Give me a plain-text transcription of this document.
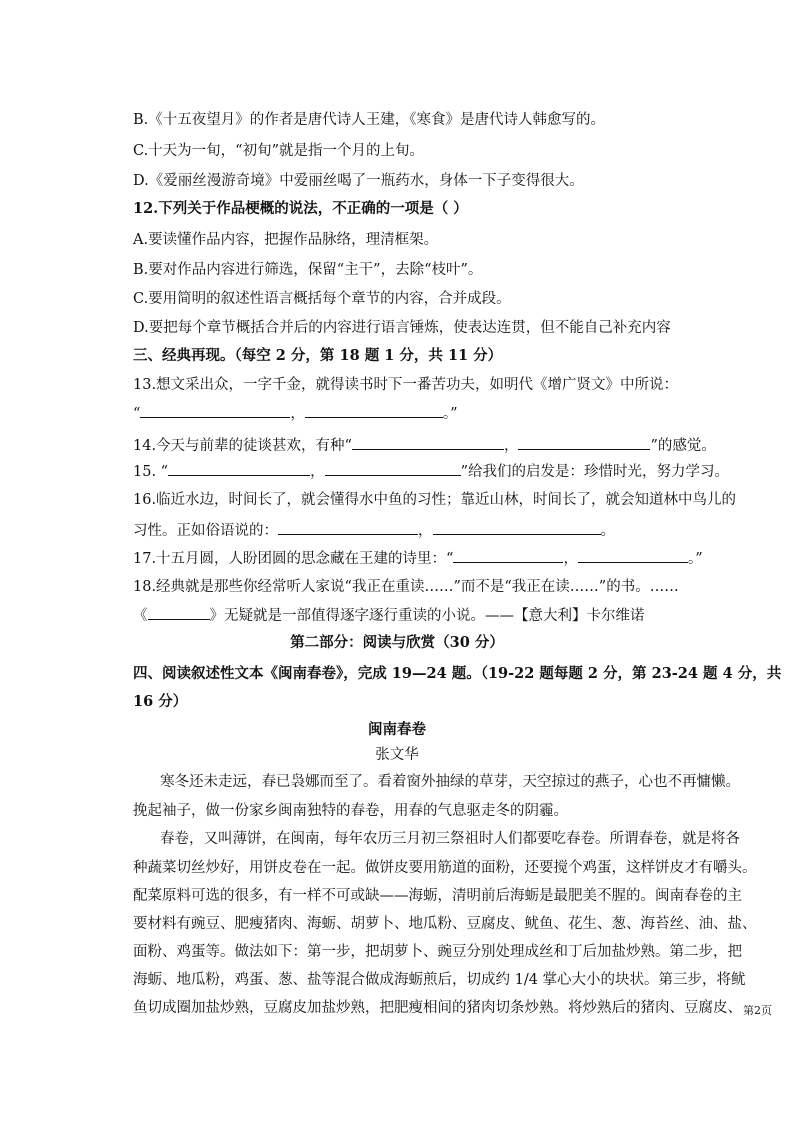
B.《十五夜望月》的作者是唐代诗人王建，《寒食》是唐代诗人韩愈写的。
C.十天为一旬，“初旬”就是指一个月的上旬。
D.《爱丽丝漫游奇境》中爱丽丝喝了一瓶药水，身体一下子变得很大。
12.下列关于作品梗概的说法，不正确的一项是（ ）
A.要读懂作品内容，把握作品脉络，理清框架。
B.要对作品内容进行筛选，保留“主干”，去除“枝叶”。
C.要用简明的叙述性语言概括每个章节的内容，合并成段。
D.要把每个章节概括合并后的内容进行语言锤炼，使表达连贯，但不能自己补充内容
三、经典再现。（每空 2 分，第 18 题 1 分，共 11 分）
13.想文采出众，一字千金，就得读书时下一番苦功夫，如明代《增广贤文》中所说：
“	，	。”
14.今天与前辈的徒谈甚欢，有种“	，	”的感觉。
15. “	，	”给我们的启发是：珍惜时光，努力学习。
16.临近水边，时间长了，就会懂得水中鱼的习性；靠近山林，时间长了，就会知道林中鸟儿的
习性。正如俗语说的：	，	。
17.十五月圆，人盼团圆的思念藏在王建的诗里：“	，	。”
18.经典就是那些你经常听人家说“我正在重读……”而不是“我正在读……”的书。……
《	》无疑就是一部值得逐字逐行重读的小说。——【意大利】卡尔维诺
第二部分：阅读与欣赏（30 分）
四、阅读叙述性文本《闽南春卷》，完成 19—24 题。（19-22 题每题 2 分，第 23-24 题 4 分，共
16 分）
闽南春卷
张文华
寒冬还未走远，春已袅娜而至了。看着窗外抽绿的草芽，天空掠过的燕子，心也不再慵懒。
挽起袖子，做一份家乡闽南独特的春卷，用春的气息驱走冬的阴霾。
春卷，又叫薄饼，在闽南，每年农历三月初三祭祖时人们都要吃春卷。所谓春卷，就是将各
种蔬菜切丝炒好，用饼皮卷在一起。做饼皮要用筋道的面粉，还要搅个鸡蛋，这样饼皮才有嚼头。
配菜原料可选的很多，有一样不可或缺——海蛎，清明前后海蛎是最肥美不腥的。闽南春卷的主
要材料有豌豆、肥瘦猪肉、海蛎、胡萝卜、地瓜粉、豆腐皮、鱿鱼、花生、葱、海苔丝、油、盐、
面粉、鸡蛋等。做法如下：第一步，把胡萝卜、豌豆分别处理成丝和丁后加盐炒熟。第二步，把
海蛎、地瓜粉，鸡蛋、葱、盐等混合做成海蛎煎后，切成约 1/4 掌心大小的块状。第三步，将鱿
鱼切成圈加盐炒熟，豆腐皮加盐炒熟，把肥瘦相间的猪肉切条炒熟。将炒熟后的猪肉、豆腐皮、 第2页
